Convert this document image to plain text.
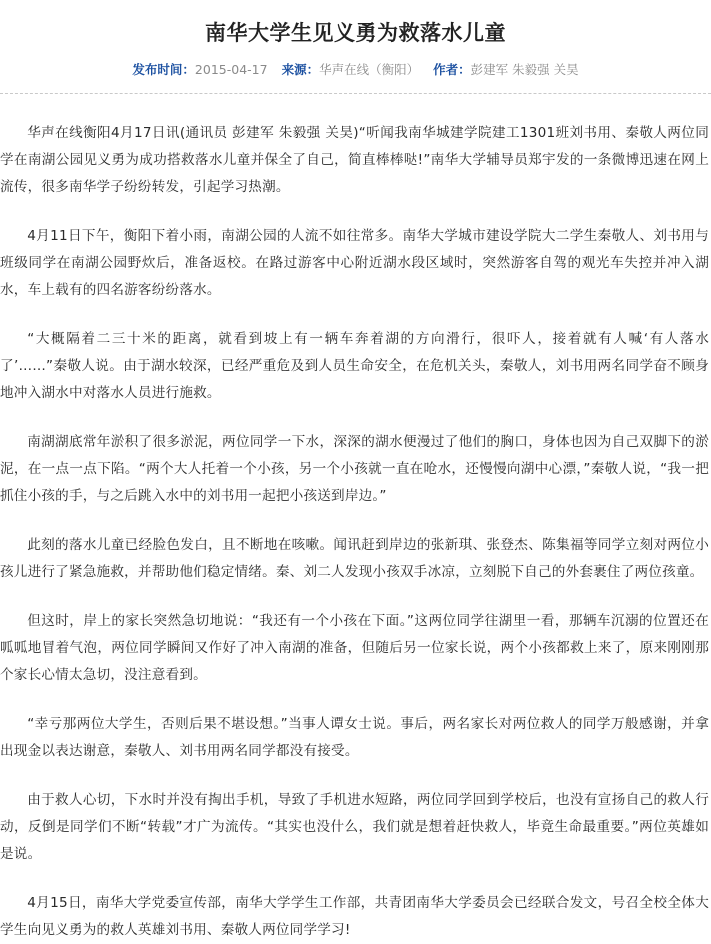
南华大学生见义勇为救落水儿童
发布时间：2015-04-17 来源：华声在线（衡阳） 作者：彭建军 朱毅强 关昊

华声在线衡阳4月17日讯(通讯员 彭建军 朱毅强 关昊)“听闻我南华城建学院建工1301班刘书用、秦敬人两位同学在南湖公园见义勇为成功搭救落水儿童并保全了自己，简直棒棒哒!”南华大学辅导员郑宇发的一条微博迅速在网上流传，很多南华学子纷纷转发，引起学习热潮。

4月11日下午，衡阳下着小雨，南湖公园的人流不如往常多。南华大学城市建设学院大二学生秦敬人、刘书用与班级同学在南湖公园野炊后，准备返校。在路过游客中心附近湖水段区域时，突然游客自驾的观光车失控并冲入湖水，车上载有的四名游客纷纷落水。

“大概隔着二三十米的距离，就看到坡上有一辆车奔着湖的方向滑行，很吓人，接着就有人喊‘有人落水了’……”秦敬人说。由于湖水较深，已经严重危及到人员生命安全，在危机关头，秦敬人，刘书用两名同学奋不顾身地冲入湖水中对落水人员进行施救。

南湖湖底常年淤积了很多淤泥，两位同学一下水，深深的湖水便漫过了他们的胸口，身体也因为自己双脚下的淤泥，在一点一点下陷。“两个大人托着一个小孩，另一个小孩就一直在呛水，还慢慢向湖中心漂，”秦敬人说，“我一把抓住小孩的手，与之后跳入水中的刘书用一起把小孩送到岸边。”

此刻的落水儿童已经脸色发白，且不断地在咳嗽。闻讯赶到岸边的张新琪、张登杰、陈集福等同学立刻对两位小孩儿进行了紧急施救，并帮助他们稳定情绪。秦、刘二人发现小孩双手冰凉，立刻脱下自己的外套裹住了两位孩童。

但这时，岸上的家长突然急切地说：“我还有一个小孩在下面。”这两位同学往湖里一看，那辆车沉溺的位置还在呱呱地冒着气泡，两位同学瞬间又作好了冲入南湖的准备，但随后另一位家长说，两个小孩都救上来了，原来刚刚那个家长心情太急切，没注意看到。

“幸亏那两位大学生，否则后果不堪设想。”当事人谭女士说。事后，两名家长对两位救人的同学万般感谢，并拿出现金以表达谢意，秦敬人、刘书用两名同学都没有接受。

由于救人心切，下水时并没有掏出手机，导致了手机进水短路，两位同学回到学校后，也没有宣扬自己的救人行动，反倒是同学们不断“转载”才广为流传。“其实也没什么，我们就是想着赶快救人，毕竟生命最重要。”两位英雄如是说。

4月15日，南华大学党委宣传部，南华大学学生工作部，共青团南华大学委员会已经联合发文，号召全校全体大学生向见义勇为的救人英雄刘书用、秦敬人两位同学学习!
